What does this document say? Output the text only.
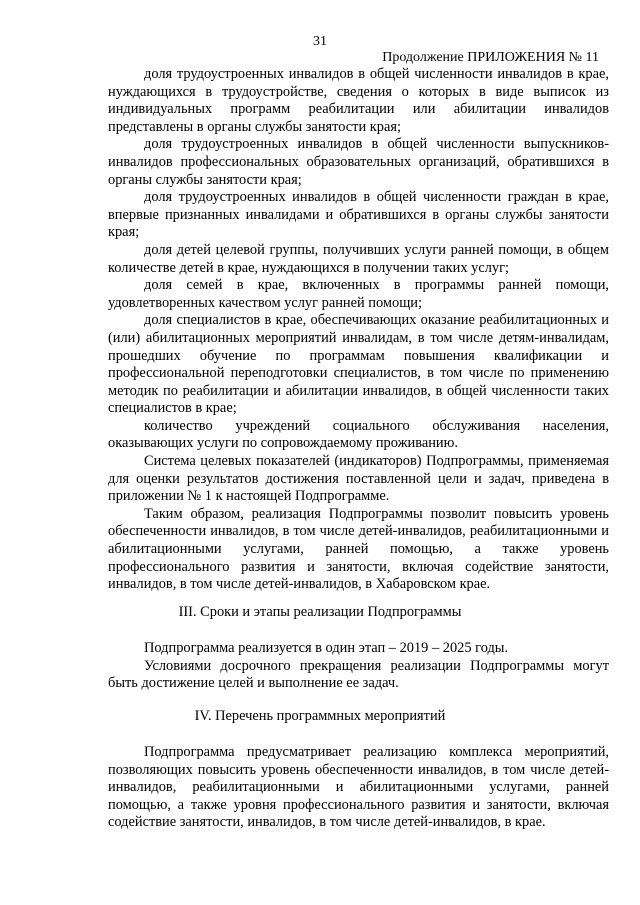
31
Продолжение ПРИЛОЖЕНИЯ № 11

доля трудоустроенных инвалидов в общей численности инвалидов в крае, нуждающихся в трудоустройстве, сведения о которых в виде выписок из индивидуальных программ реабилитации или абилитации инвалидов представлены в органы службы занятости края;

доля трудоустроенных инвалидов в общей численности выпускников-инвалидов профессиональных образовательных организаций, обратившихся в органы службы занятости края;

доля трудоустроенных инвалидов в общей численности граждан в крае, впервые признанных инвалидами и обратившихся в органы службы занятости края;

доля детей целевой группы, получивших услуги ранней помощи, в общем количестве детей в крае, нуждающихся в получении таких услуг;

доля семей в крае, включенных в программы ранней помощи, удовлетворенных качеством услуг ранней помощи;

доля специалистов в крае, обеспечивающих оказание реабилитационных и (или) абилитационных мероприятий инвалидам, в том числе детям-инвалидам, прошедших обучение по программам повышения квалификации и профессиональной переподготовки специалистов, в том числе по применению методик по реабилитации и абилитации инвалидов, в общей численности таких специалистов в крае;

количество учреждений социального обслуживания населения, оказывающих услуги по сопровождаемому проживанию.

Система целевых показателей (индикаторов) Подпрограммы, применяемая для оценки результатов достижения поставленной цели и задач, приведена в приложении № 1 к настоящей Подпрограмме.

Таким образом, реализация Подпрограммы позволит повысить уровень обеспеченности инвалидов, в том числе детей-инвалидов, реабилитационными и абилитационными услугами, ранней помощью, а также уровень профессионального развития и занятости, включая содействие занятости, инвалидов, в том числе детей-инвалидов, в Хабаровском крае.

III. Сроки и этапы реализации Подпрограммы

Подпрограмма реализуется в один этап – 2019 – 2025 годы.

Условиями досрочного прекращения реализации Подпрограммы могут быть достижение целей и выполнение ее задач.

IV. Перечень программных мероприятий

Подпрограмма предусматривает реализацию комплекса мероприятий, позволяющих повысить уровень обеспеченности инвалидов, в том числе детей-инвалидов, реабилитационными и абилитационными услугами, ранней помощью, а также уровня профессионального развития и занятости, включая содействие занятости, инвалидов, в том числе детей-инвалидов, в крае.
